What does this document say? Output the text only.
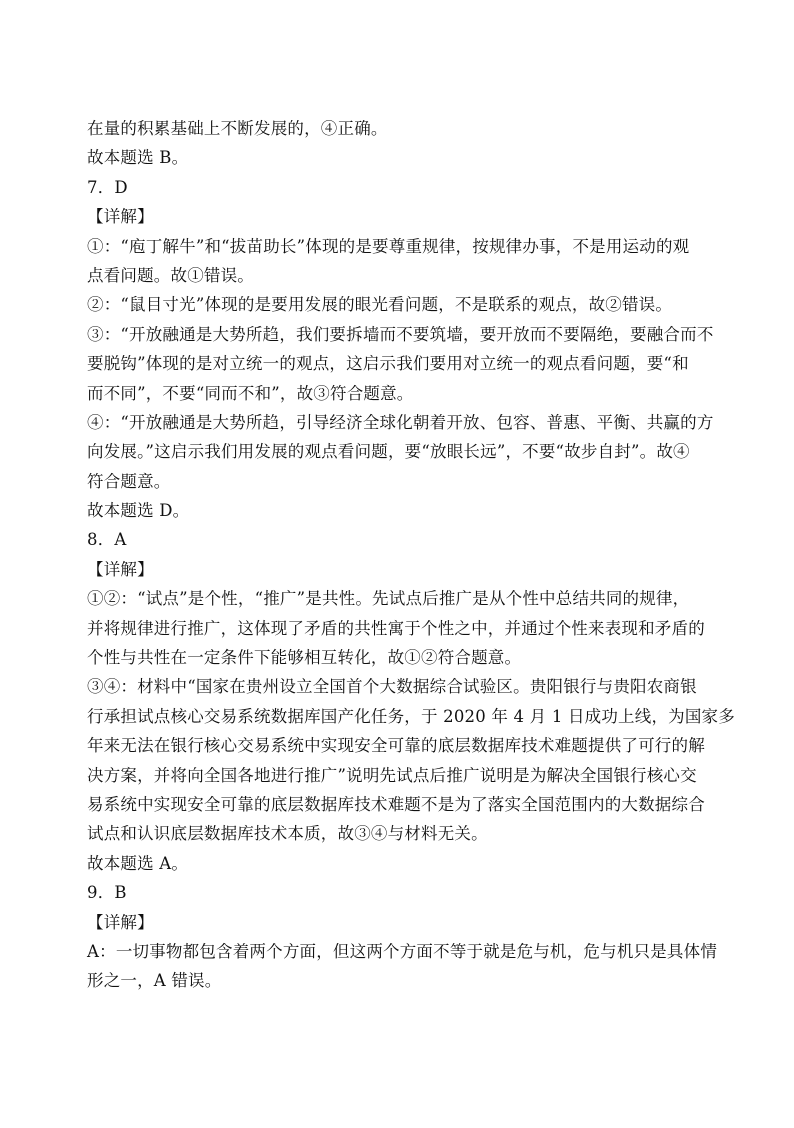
在量的积累基础上不断发展的，④正确。
故本题选 B。
7．D
【详解】
①：“庖丁解牛”和“拔苗助长”体现的是要尊重规律，按规律办事，不是用运动的观
点看问题。故①错误。
②：“鼠目寸光”体现的是要用发展的眼光看问题，不是联系的观点，故②错误。
③：“开放融通是大势所趋，我们要拆墙而不要筑墙，要开放而不要隔绝，要融合而不
要脱钩”体现的是对立统一的观点，这启示我们要用对立统一的观点看问题，要“和
而不同”，不要“同而不和”，故③符合题意。
④：“开放融通是大势所趋，引导经济全球化朝着开放、包容、普惠、平衡、共赢的方
向发展。”这启示我们用发展的观点看问题，要“放眼长远”，不要“故步自封”。故④
符合题意。
故本题选 D。
8．A
【详解】
①②：“试点”是个性，“推广”是共性。先试点后推广是从个性中总结共同的规律，
并将规律进行推广，这体现了矛盾的共性寓于个性之中，并通过个性来表现和矛盾的
个性与共性在一定条件下能够相互转化，故①②符合题意。
③④：材料中“国家在贵州设立全国首个大数据综合试验区。贵阳银行与贵阳农商银
行承担试点核心交易系统数据库国产化任务，于 2020 年 4 月 1 日成功上线，为国家多
年来无法在银行核心交易系统中实现安全可靠的底层数据库技术难题提供了可行的解
决方案，并将向全国各地进行推广”说明先试点后推广说明是为解决全国银行核心交
易系统中实现安全可靠的底层数据库技术难题不是为了落实全国范围内的大数据综合
试点和认识底层数据库技术本质，故③④与材料无关。
故本题选 A。
9．B
【详解】
A：一切事物都包含着两个方面，但这两个方面不等于就是危与机，危与机只是具体情
形之一，A 错误。
